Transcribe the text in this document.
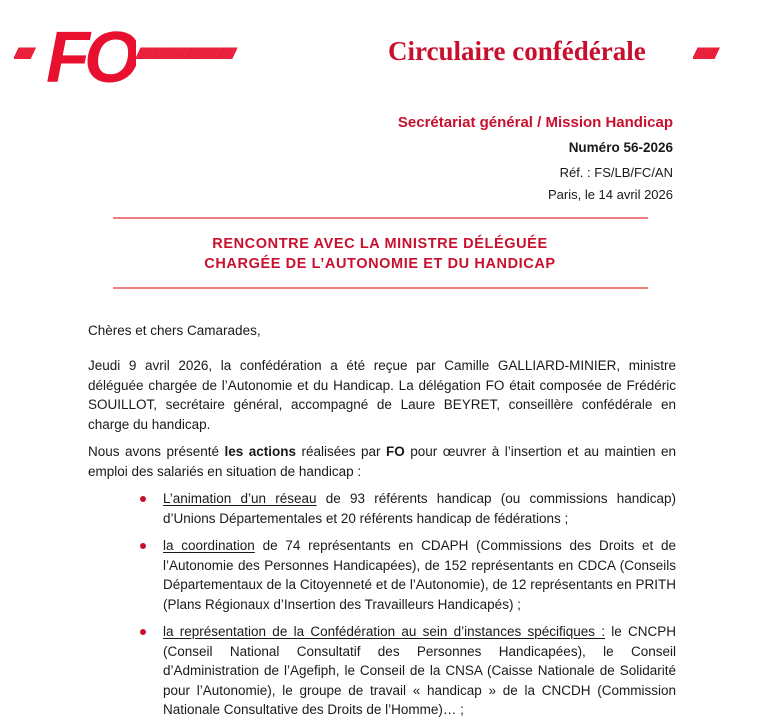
////////////// FO //////////////////////////////////////////////////////////////////////////////	Circulaire confédérale	//////////////////
Secrétariat général / Mission Handicap
Numéro 56-2026
Réf. : FS/LB/FC/AN
Paris, le 14 avril 2026
RENCONTRE AVEC LA MINISTRE DÉLÉGUÉE
CHARGÉE DE L’AUTONOMIE ET DU HANDICAP

Chères et chers Camarades,

Jeudi 9 avril 2026, la confédération a été reçue par Camille GALLIARD-MINIER, ministre déléguée chargée de l’Autonomie et du Handicap. La délégation FO était composée de Frédéric SOUILLOT, secrétaire général, accompagné de Laure BEYRET, conseillère confédérale en charge du handicap.

Nous avons présenté les actions réalisées par FO pour œuvrer à l’insertion et au maintien en emploi des salariés en situation de handicap :

L’animation d’un réseau de 93 référents handicap (ou commissions handicap) d’Unions Départementales et 20 référents handicap de fédérations ;

la coordination de 74 représentants en CDAPH (Commissions des Droits et de l’Autonomie des Personnes Handicapées), de 152 représentants en CDCA (Conseils Départementaux de la Citoyenneté et de l’Autonomie), de 12 représentants en PRITH (Plans Régionaux d’Insertion des Travailleurs Handicapés) ;

la représentation de la Confédération au sein d’instances spécifiques : le CNCPH (Conseil National Consultatif des Personnes Handicapées), le Conseil d’Administration de l’Agefiph, le Conseil de la CNSA (Caisse Nationale de Solidarité pour l’Autonomie), le groupe de travail « handicap » de la CNCDH (Commission Nationale Consultative des Droits de l’Homme)… ;
